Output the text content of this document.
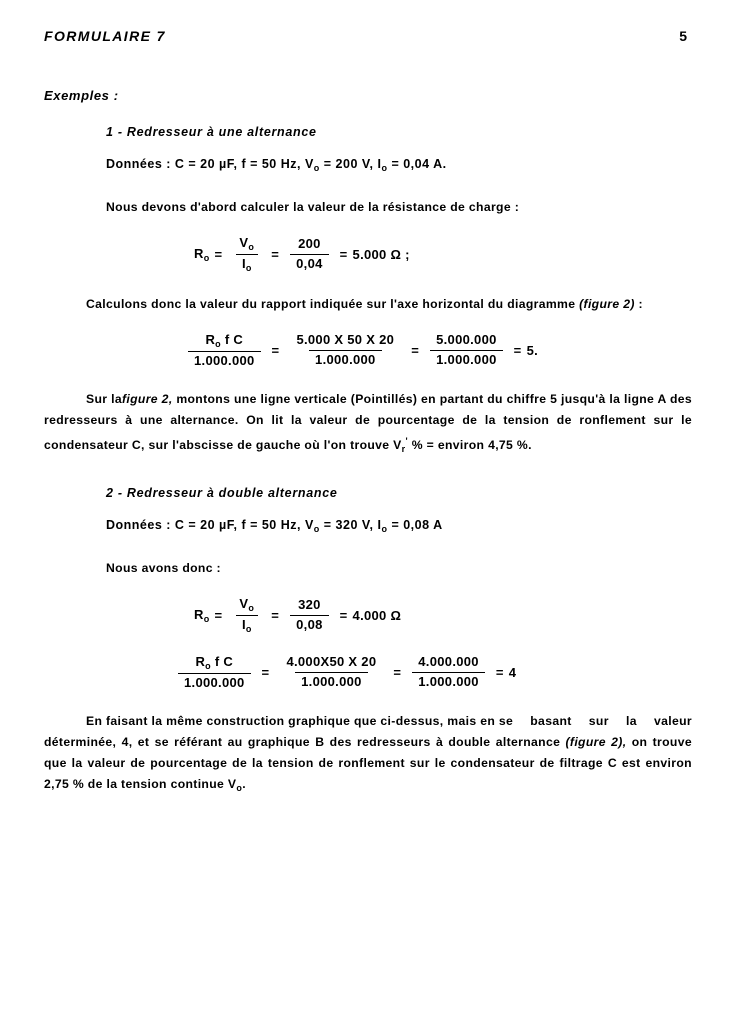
FORMULAIRE 7	5
Exemples :
1 - Redresseur à une alternance
Données : C = 20 µF, f = 50 Hz, $V_o = 200$ V, $I_o = 0,04$ A.
Nous devons d'abord calculer la valeur de la résistance de charge :
$R_o = \frac{V_o}{I_o} = \frac{200}{0,04} = 5.000$ Ω ;
Calculons donc la valeur du rapport indiquée sur l'axe horizontal du diagramme (figure 2) :
$\frac{R_o f C}{1.000.000} = \frac{5.000 X 50 X 20}{1.000.000} = \frac{5.000.000}{1.000.000} = 5$.
Sur lafigure 2, montons une ligne verticale (Pointillés) en partant du chiffre 5 jusqu'à la ligne A des redresseurs à une alternance. On lit la valeur de pourcentage de la tension de ronflement sur le condensateur C, sur l'abscisse de gauche où l'on trouve $V_r'$ % = environ 4,75 %.
2 - Redresseur à double alternance
Données : C = 20 µF, f = 50 Hz, $V_o = 320$ V, $I_o = 0,08$ A
Nous avons donc :
$R_o = \frac{V_o}{I_o} = \frac{320}{0,08} = 4.000$ Ω
$\frac{R_o f C}{1.000.000} = \frac{4.000X50 X 20}{1.000.000} = \frac{4.000.000}{1.000.000} = 4$
En faisant la même construction graphique que ci-dessus, mais en se basant sur la valeur déterminée, 4, et se référant au graphique B des redresseurs à double alternance (figure 2), on trouve que la valeur de pourcentage de la tension de ronflement sur le condensateur de filtrage C est environ 2,75 % de la tension continue $V_o$.
